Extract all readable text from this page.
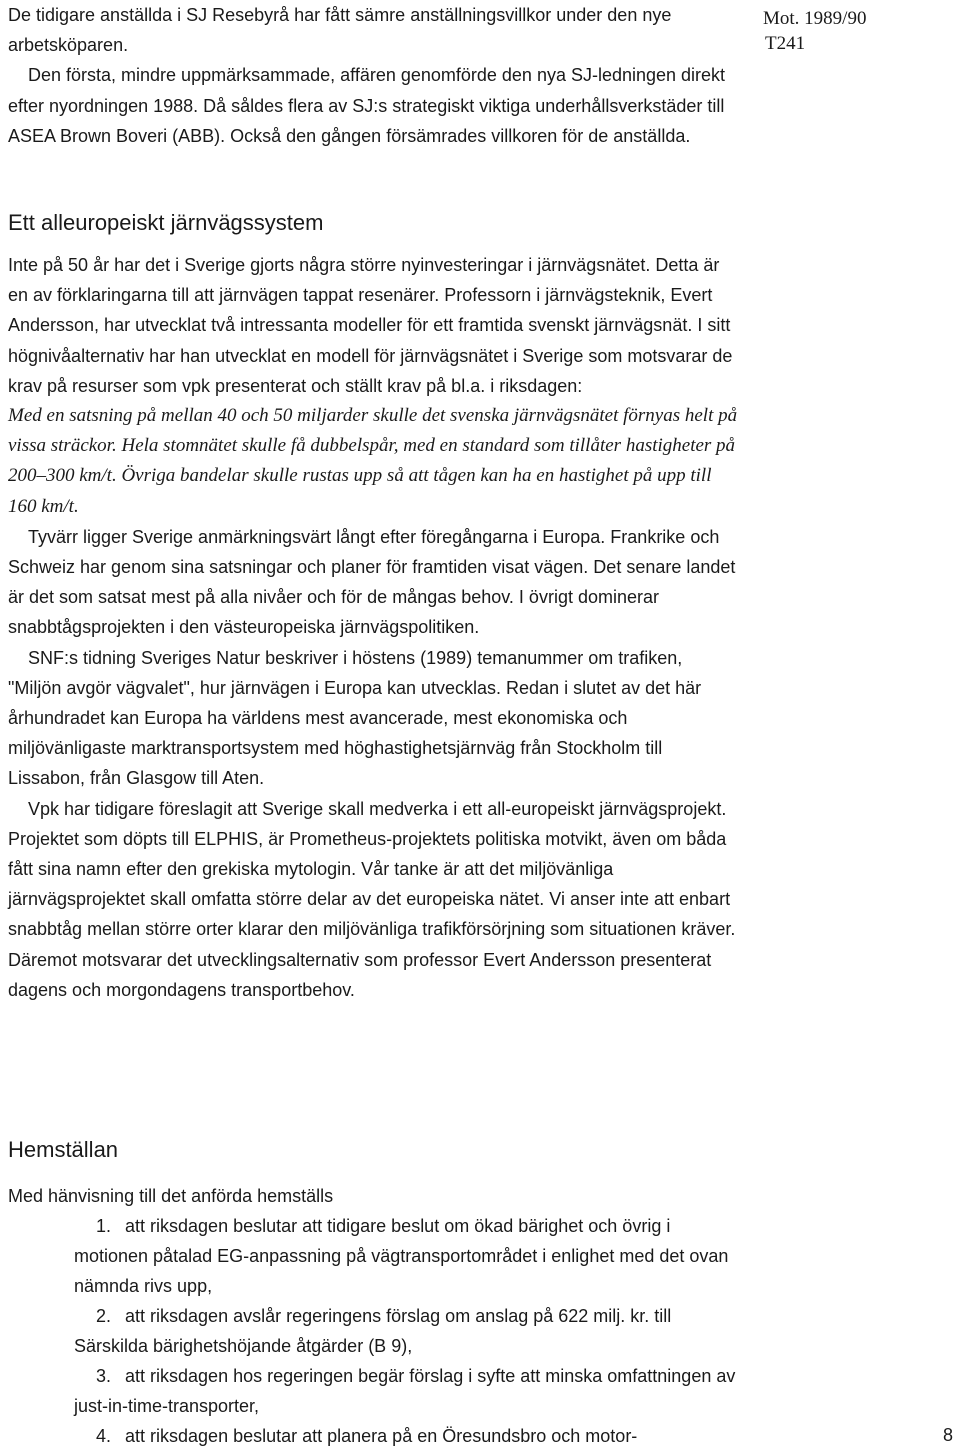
De tidigare anställda i SJ Resebyrå har fått sämre anställningsvillkor under den nye arbetsköparen.

Den första, mindre uppmärksammade, affären genomförde den nya SJ-ledningen direkt efter nyordningen 1988. Då såldes flera av SJ:s strategiskt viktiga underhållsverkstäder till ASEA Brown Boveri (ABB). Också den gången försämrades villkoren för de anställda.

Mot. 1989/90
T241
Ett alleuropeiskt järnvägssystem

Inte på 50 år har det i Sverige gjorts några större nyinvesteringar i järnvägsnätet. Detta är en av förklaringarna till att järnvägen tappat resenärer. Professorn i järnvägsteknik, Evert Andersson, har utvecklat två intressanta modeller för ett framtida svenskt järnvägsnät. I sitt högnivåalternativ har han utvecklat en modell för järnvägsnätet i Sverige som motsvarar de krav på resurser som vpk presenterat och ställt krav på bl.a. i riksdagen:

Med en satsning på mellan 40 och 50 miljarder skulle det svenska järnvägsnätet förnyas helt på vissa sträckor. Hela stomnätet skulle få dubbelspår, med en standard som tillåter hastigheter på 200–300 km/t. Övriga bandelar skulle rustas upp så att tågen kan ha en hastighet på upp till 160 km/t.

Tyvärr ligger Sverige anmärkningsvärt långt efter föregångarna i Europa. Frankrike och Schweiz har genom sina satsningar och planer för framtiden visat vägen. Det senare landet är det som satsat mest på alla nivåer och för de mångas behov. I övrigt dominerar snabbtågsprojekten i den västeuropeiska järnvägspolitiken.

SNF:s tidning Sveriges Natur beskriver i höstens (1989) temanummer om trafiken, "Miljön avgör vägvalet", hur järnvägen i Europa kan utvecklas. Redan i slutet av det här århundradet kan Europa ha världens mest avancerade, mest ekonomiska och miljövänligaste marktransportsystem med höghastighetsjärnväg från Stockholm till Lissabon, från Glasgow till Aten.

Vpk har tidigare föreslagit att Sverige skall medverka i ett all-europeiskt järnvägsprojekt. Projektet som döpts till ELPHIS, är Prometheus-projektets politiska motvikt, även om båda fått sina namn efter den grekiska mytologin. Vår tanke är att det miljövänliga järnvägsprojektet skall omfatta större delar av det europeiska nätet. Vi anser inte att enbart snabbtåg mellan större orter klarar den miljövänliga trafikförsörjning som situationen kräver. Däremot motsvarar det utvecklingsalternativ som professor Evert Andersson presenterat dagens och morgondagens transportbehov.

Hemställan
Med hänvisning till det anförda hemställs
1. att riksdagen beslutar att tidigare beslut om ökad bärighet och övrig i motionen påtalad EG-anpassning på vägtransportområdet i enlighet med det ovan nämnda rivs upp,
2. att riksdagen avslår regeringens förslag om anslag på 622 milj. kr. till Särskilda bärighetshöjande åtgärder (B 9),
3. att riksdagen hos regeringen begär förslag i syfte att minska omfattningen av just-in-time-transporter,
4. att riksdagen beslutar att planera på en Öresundsbro och motor-	8
